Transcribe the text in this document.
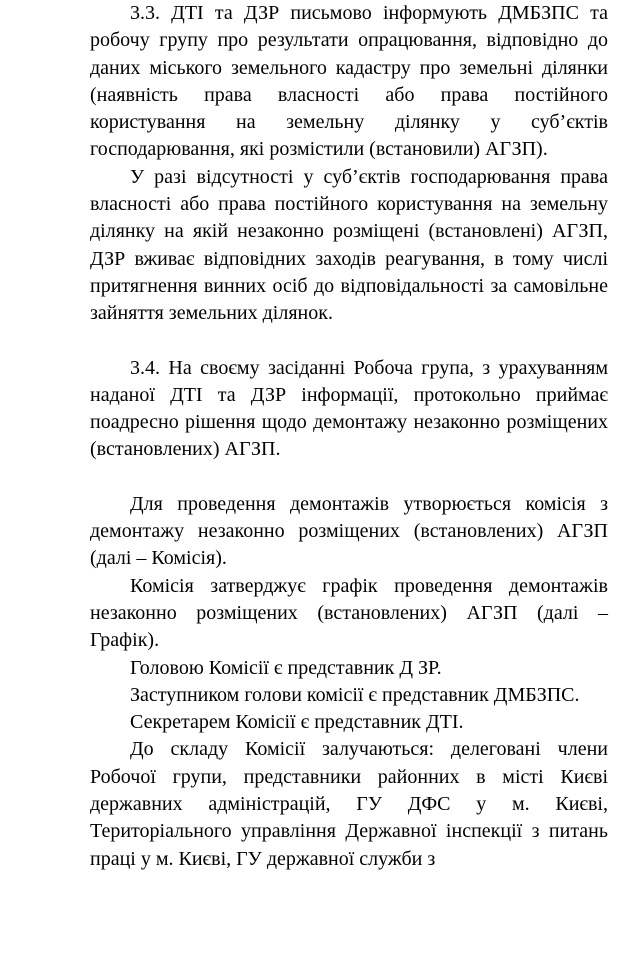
3.3. ДТІ та ДЗР письмово інформують ДМБЗПС та робочу групу про результати опрацювання, відповідно до даних міського земельного кадастру про земельні ділянки (наявність права власності або права постійного користування на земельну ділянку у суб’єктів господарювання, які розмістили (встановили) АГЗП).

У разі відсутності у суб’єктів господарювання права власності або права постійного користування на земельну ділянку на якій незаконно розміщені (встановлені) АГЗП, ДЗР вживає відповідних заходів реагування, в тому числі притягнення винних осіб до відповідальності за самовільне зайняття земельних ділянок.

3.4. На своєму засіданні Робоча група, з урахуванням наданої ДТІ та ДЗР інформації, протокольно приймає поадресно рішення щодо демонтажу незаконно розміщених (встановлених) АГЗП.

Для проведення демонтажів утворюється комісія з демонтажу незаконно розміщених (встановлених) АГЗП (далі – Комісія).

Комісія затверджує графік проведення демонтажів незаконно розміщених (встановлених) АГЗП (далі – Графік).

Головою Комісії є представник Д ЗР.

Заступником голови комісії є представник ДМБЗПС.

Секретарем Комісії є представник ДТІ.

До складу Комісії залучаються: делеговані члени Робочої групи, представники районних в місті Києві державних адміністрацій, ГУ ДФС у м. Києві, Територіального управління Державної інспекції з питань праці у м. Києві, ГУ державної служби з
